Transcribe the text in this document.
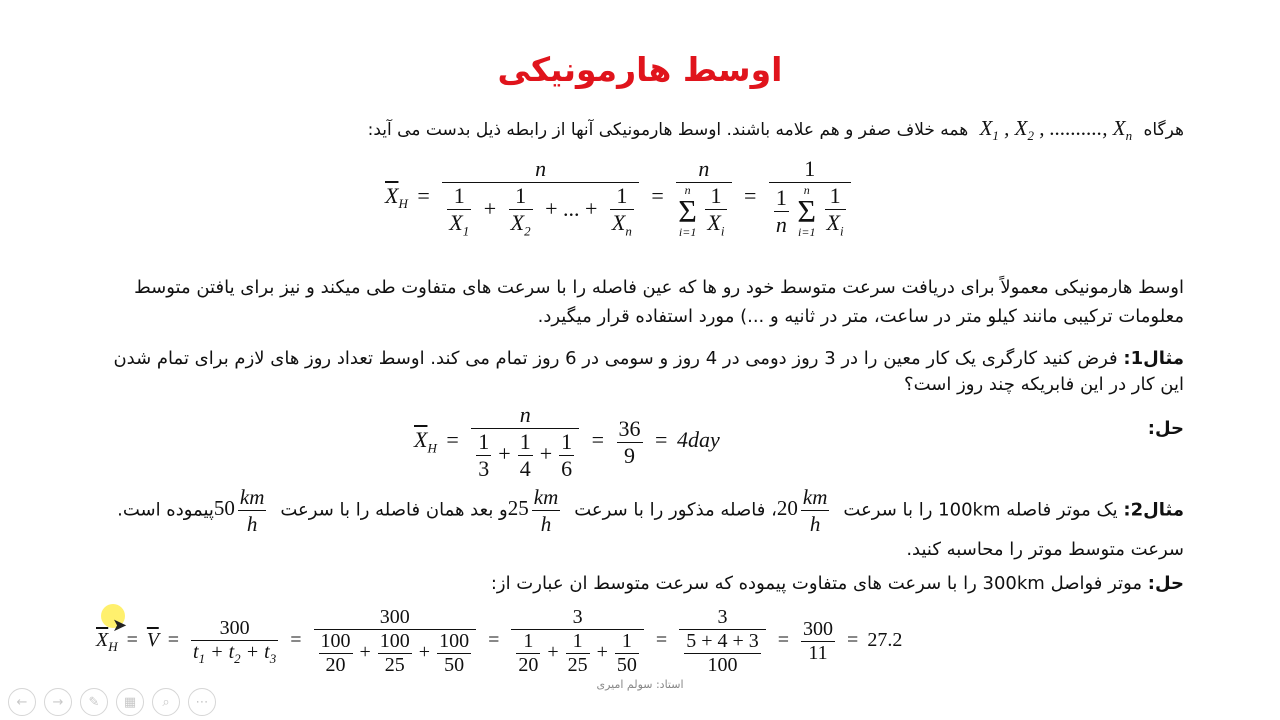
اوسط هارمونیکی
هرگاه $X_1$ , $X_2$ , .........., $X_n$ همه خلاف صفر و هم علامه باشند. اوسط هارمونیکی آنها از رابطه ذیل بدست می آید:
$\overline{X}_H = \frac{n}{\frac{1}{X_1} + \frac{1}{X_2} + ... + \frac{1}{X_n}} = n$
n
Σ
$i=1 \frac{1}{X_i} = 1$
$\frac{1}{n}$ n
Σ
$i=1 \frac{1}{X_i}$
اوسط هارمونیکی معمولاً برای دریافت سرعت متوسط خود رو ها که عین فاصله را با سرعت های متفاوت طی میکند و نیز برای یافتن متوسط معلومات ترکیبی مانند کیلو متر در ساعت، متر در ثانیه و ...) مورد استفاده قرار میگیرد.
مثال1: فرض کنید کارگری یک کار معین را در 3 روز دومی در 4 روز و سومی در 6 روز تمام می کند. اوسط تعداد روز های لازم برای تمام شدن این کار در این فابریکه چند روز است؟
حل:
$\overline{X}_H = \frac{n}{\frac{1}{3} + \frac{1}{4} + \frac{1}{6}} = \frac{36}{9} = 4day$
مثال2: یک موتر فاصله 100km را با سرعت $20 \frac{km}{h}$
، فاصله مذکور را با سرعت $25 \frac{km}{h}$
و بعد همان فاصله را با سرعت $50 \frac{km}{h}$
پیموده است. سرعت متوسط موتر را محاسبه کنید.
حل: موتر فواصل 300km را با سرعت های متفاوت پیموده که سرعت متوسط ان عبارت از:
$\overline{X}_H = \overline{V} = \frac{300}{t_1 + t_2 + t_3} = \frac{300}{\frac{100}{20} + \frac{100}{25} + \frac{100}{50}} = \frac{3}{\frac{1}{20} + \frac{1}{25} + \frac{1}{50}} = \frac{3}{\frac{5 + 4 + 3}{100}} = \frac{300}{11} = 27.2$
استاد: سولم امیری
➤
←	→	✎	▦	⌕	⋯
